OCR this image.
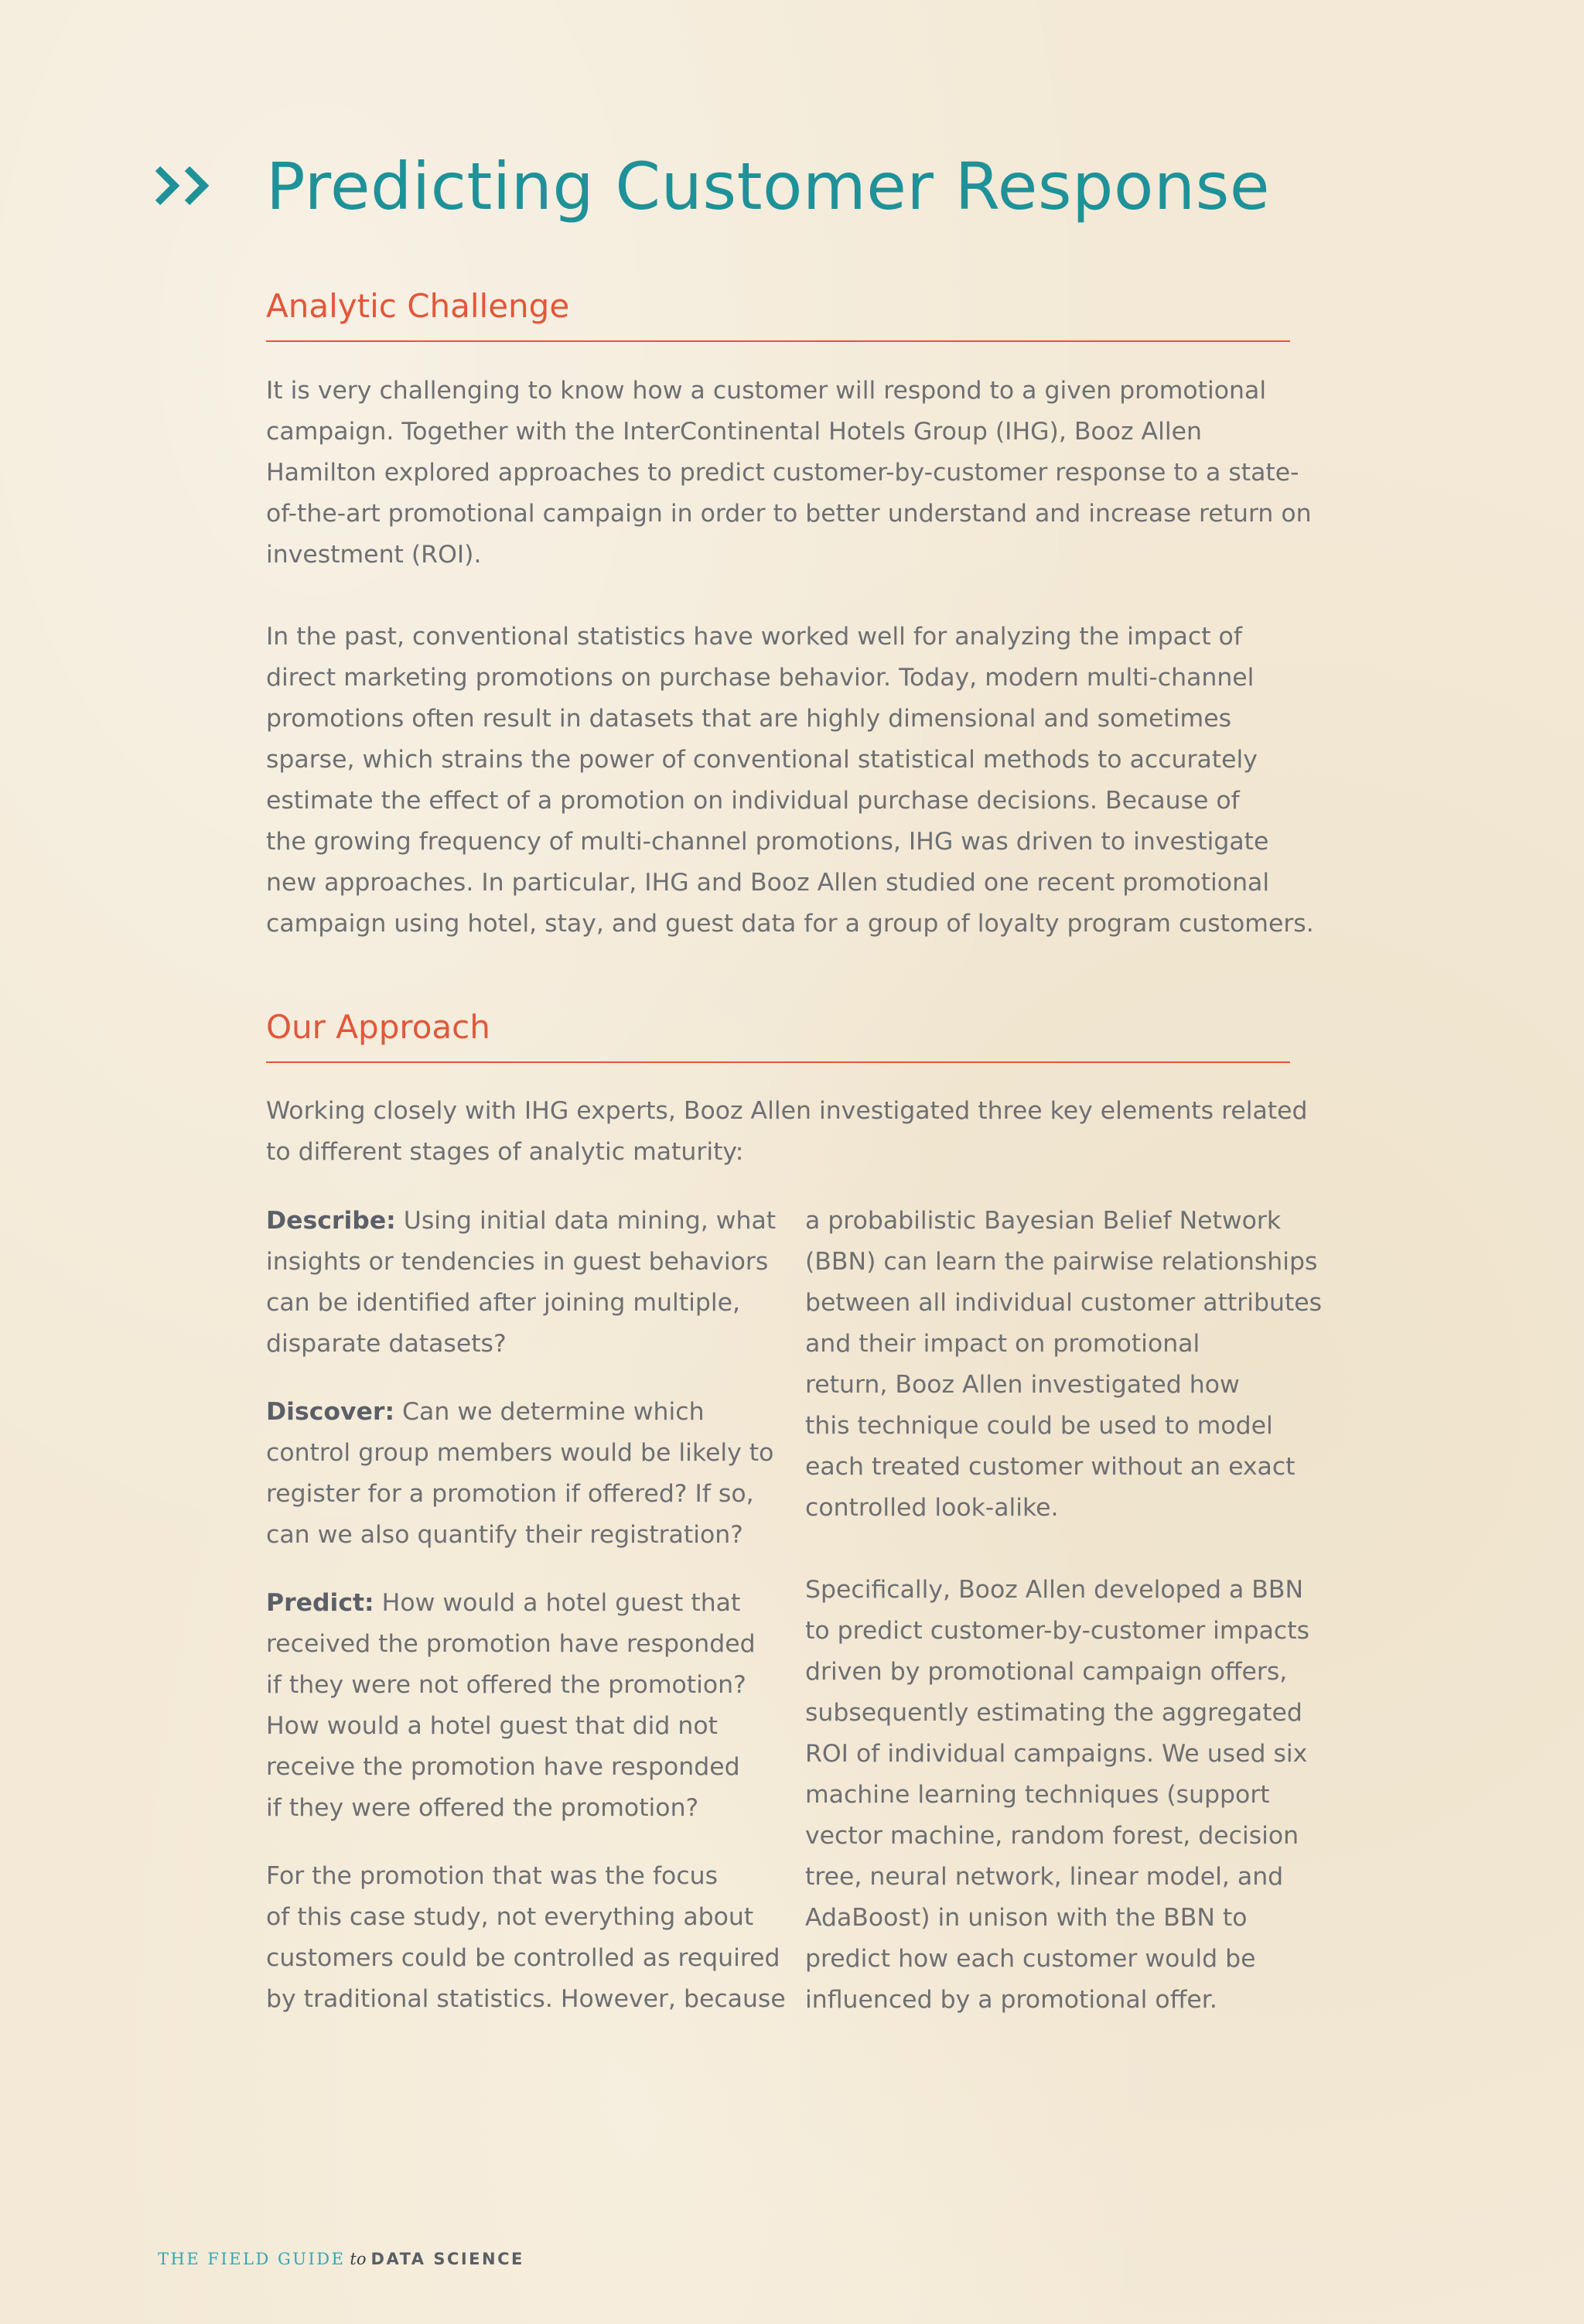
Predicting Customer Response
Analytic Challenge

It is very challenging to know how a customer will respond to a given promotional
campaign. Together with the InterContinental Hotels Group (IHG), Booz Allen
Hamilton explored approaches to predict customer-by-customer response to a state-
of-the-art promotional campaign in order to better understand and increase return on
investment (ROI).

In the past, conventional statistics have worked well for analyzing the impact of
direct marketing promotions on purchase behavior. Today, modern multi-channel
promotions often result in datasets that are highly dimensional and sometimes
sparse, which strains the power of conventional statistical methods to accurately
estimate the effect of a promotion on individual purchase decisions. Because of
the growing frequency of multi-channel promotions, IHG was driven to investigate
new approaches. In particular, IHG and Booz Allen studied one recent promotional
campaign using hotel, stay, and guest data for a group of loyalty program customers.

Our Approach

Working closely with IHG experts, Booz Allen investigated three key elements related
to different stages of analytic maturity:

Describe: Using initial data mining, what
insights or tendencies in guest behaviors
can be identified after joining multiple,
disparate datasets?

Discover: Can we determine which
control group members would be likely to
register for a promotion if offered? If so,
can we also quantify their registration?

Predict: How would a hotel guest that
received the promotion have responded
if they were not offered the promotion?
How would a hotel guest that did not
receive the promotion have responded
if they were offered the promotion?

For the promotion that was the focus
of this case study, not everything about
customers could be controlled as required
by traditional statistics. However, because

a probabilistic Bayesian Belief Network
(BBN) can learn the pairwise relationships
between all individual customer attributes
and their impact on promotional
return, Booz Allen investigated how
this technique could be used to model
each treated customer without an exact
controlled look-alike.

Specifically, Booz Allen developed a BBN
to predict customer-by-customer impacts
driven by promotional campaign offers,
subsequently estimating the aggregated
ROI of individual campaigns. We used six
machine learning techniques (support
vector machine, random forest, decision
tree, neural network, linear model, and
AdaBoost) in unison with the BBN to
predict how each customer would be
influenced by a promotional offer.

THE FIELD GUIDE to DATA SCIENCE
